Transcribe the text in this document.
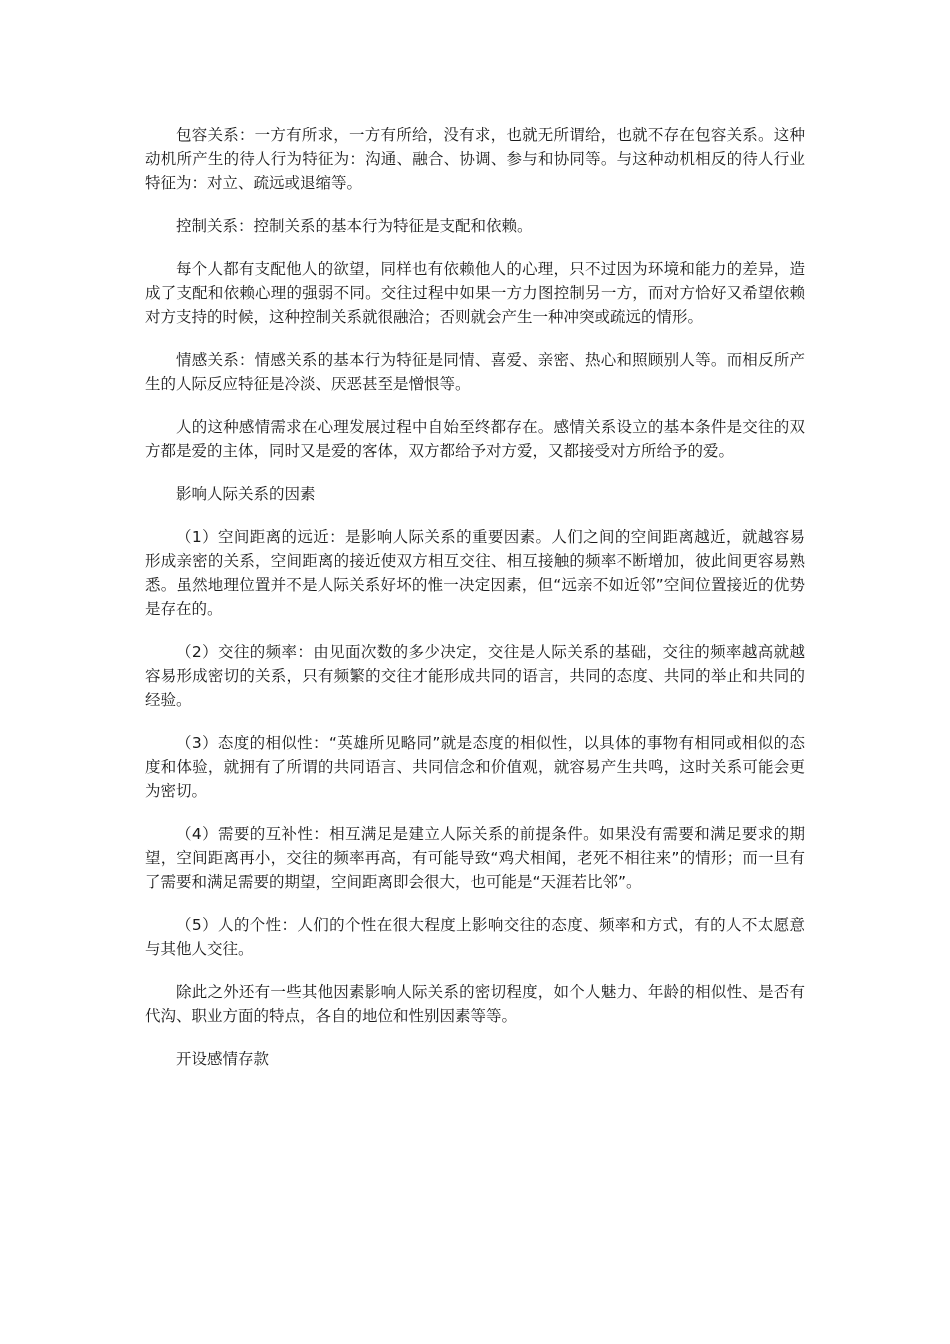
包容关系：一方有所求，一方有所给，没有求，也就无所谓给，也就不存在包容关系。这种动机所产生的待人行为特征为：沟通、融合、协调、参与和协同等。与这种动机相反的待人行业特征为：对立、疏远或退缩等。

控制关系：控制关系的基本行为特征是支配和依赖。

每个人都有支配他人的欲望，同样也有依赖他人的心理，只不过因为环境和能力的差异，造成了支配和依赖心理的强弱不同。交往过程中如果一方力图控制另一方，而对方恰好又希望依赖对方支持的时候，这种控制关系就很融洽；否则就会产生一种冲突或疏远的情形。

情感关系：情感关系的基本行为特征是同情、喜爱、亲密、热心和照顾别人等。而相反所产生的人际反应特征是冷淡、厌恶甚至是憎恨等。

人的这种感情需求在心理发展过程中自始至终都存在。感情关系设立的基本条件是交往的双方都是爱的主体，同时又是爱的客体，双方都给予对方爱，又都接受对方所给予的爱。

影响人际关系的因素

（1）空间距离的远近：是影响人际关系的重要因素。人们之间的空间距离越近，就越容易形成亲密的关系，空间距离的接近使双方相互交往、相互接触的频率不断增加，彼此间更容易熟悉。虽然地理位置并不是人际关系好坏的惟一决定因素，但“远亲不如近邻”空间位置接近的优势是存在的。

（2）交往的频率：由见面次数的多少决定，交往是人际关系的基础，交往的频率越高就越容易形成密切的关系，只有频繁的交往才能形成共同的语言，共同的态度、共同的举止和共同的经验。

（3）态度的相似性：“英雄所见略同”就是态度的相似性，以具体的事物有相同或相似的态度和体验，就拥有了所谓的共同语言、共同信念和价值观，就容易产生共鸣，这时关系可能会更为密切。

（4）需要的互补性：相互满足是建立人际关系的前提条件。如果没有需要和满足要求的期望，空间距离再小，交往的频率再高，有可能导致“鸡犬相闻，老死不相往来”的情形；而一旦有了需要和满足需要的期望，空间距离即会很大，也可能是“天涯若比邻”。

（5）人的个性：人们的个性在很大程度上影响交往的态度、频率和方式，有的人不太愿意与其他人交往。

除此之外还有一些其他因素影响人际关系的密切程度，如个人魅力、年龄的相似性、是否有代沟、职业方面的特点，各自的地位和性别因素等等。

开设感情存款
